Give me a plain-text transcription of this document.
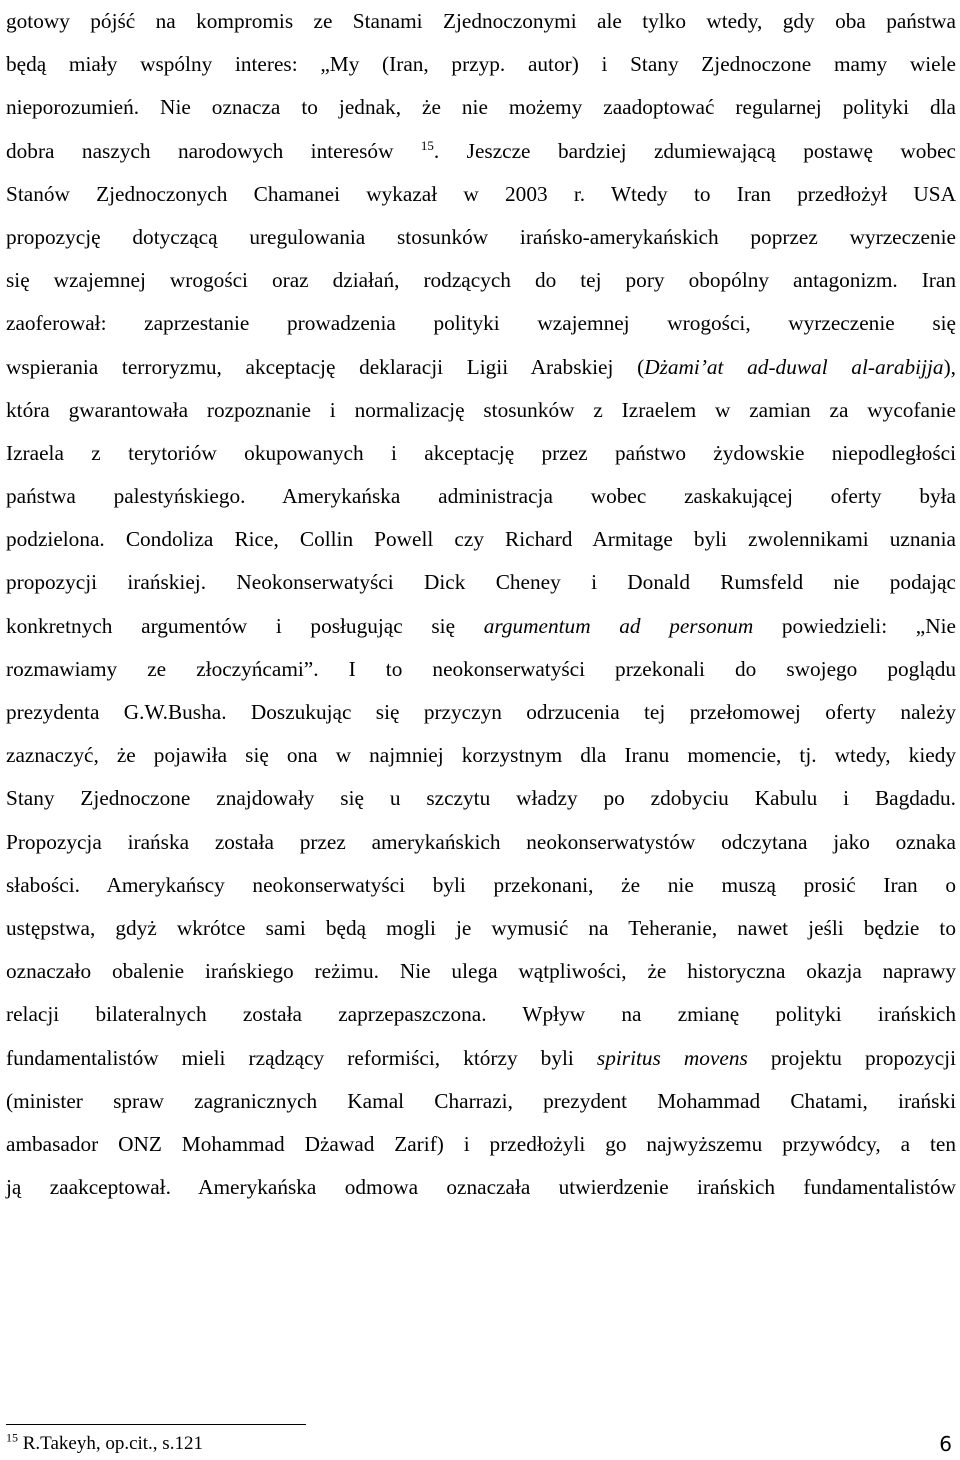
gotowy pójść na kompromis ze Stanami Zjednoczonymi ale tylko wtedy, gdy oba państwa
będą miały wspólny interes: „My (Iran, przyp. autor) i Stany Zjednoczone mamy wiele
nieporozumień. Nie oznacza to jednak, że nie możemy zaadoptować regularnej polityki dla
dobra naszych narodowych interesów $^{15}$. Jeszcze bardziej zdumiewającą postawę wobec
Stanów Zjednoczonych Chamanei wykazał w 2003 r. Wtedy to Iran przedłożył USA
propozycję dotyczącą uregulowania stosunków irańsko-amerykańskich poprzez wyrzeczenie
się wzajemnej wrogości oraz działań, rodzących do tej pory obopólny antagonizm. Iran
zaoferował: zaprzestanie prowadzenia polityki wzajemnej wrogości, wyrzeczenie się
wspierania terroryzmu, akceptację deklaracji Ligii Arabskiej (Dżami’at ad-duwal al-arabijja),
która gwarantowała rozpoznanie i normalizację stosunków z Izraelem w zamian za wycofanie
Izraela z terytoriów okupowanych i akceptację przez państwo żydowskie niepodległości
państwa palestyńskiego. Amerykańska administracja wobec zaskakującej oferty była
podzielona. Condoliza Rice, Collin Powell czy Richard Armitage byli zwolennikami uznania
propozycji irańskiej. Neokonserwatyści Dick Cheney i Donald Rumsfeld nie podając
konkretnych argumentów i posługując się argumentum ad personum powiedzieli: „Nie
rozmawiamy ze złoczyńcami”. I to neokonserwatyści przekonali do swojego poglądu
prezydenta G.W.Busha. Doszukując się przyczyn odrzucenia tej przełomowej oferty należy
zaznaczyć, że pojawiła się ona w najmniej korzystnym dla Iranu momencie, tj. wtedy, kiedy
Stany Zjednoczone znajdowały się u szczytu władzy po zdobyciu Kabulu i Bagdadu.
Propozycja irańska została przez amerykańskich neokonserwatystów odczytana jako oznaka
słabości. Amerykańscy neokonserwatyści byli przekonani, że nie muszą prosić Iran o
ustępstwa, gdyż wkrótce sami będą mogli je wymusić na Teheranie, nawet jeśli będzie to
oznaczało obalenie irańskiego reżimu. Nie ulega wątpliwości, że historyczna okazja naprawy
relacji bilateralnych została zaprzepaszczona. Wpływ na zmianę polityki irańskich
fundamentalistów mieli rządzący reformiści, którzy byli spiritus movens projektu propozycji
(minister spraw zagranicznych Kamal Charrazi, prezydent Mohammad Chatami, irański
ambasador ONZ Mohammad Dżawad Zarif) i przedłożyli go najwyższemu przywódcy, a ten
ją zaakceptował. Amerykańska odmowa oznaczała utwierdzenie irańskich fundamentalistów
$^{15}$ R.Takeyh, op.cit., s.121	6
